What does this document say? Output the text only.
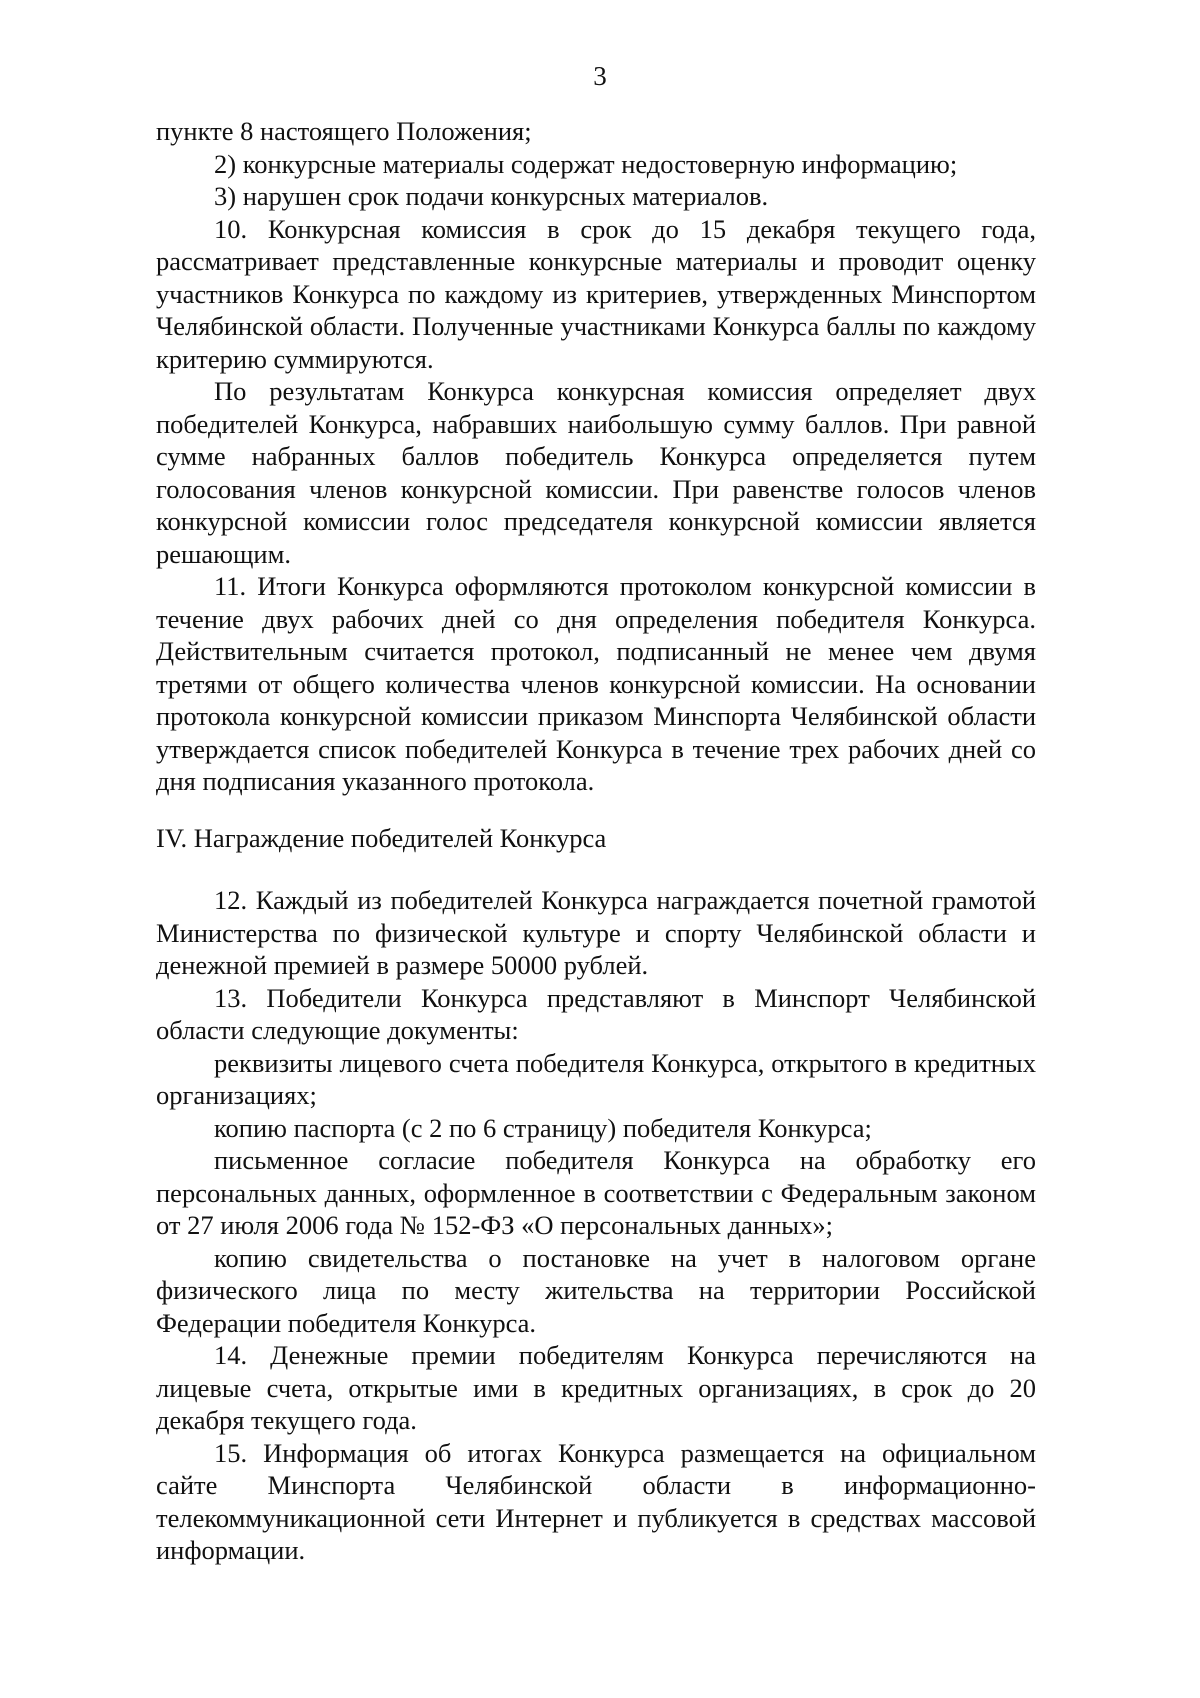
3

пункте 8 настоящего Положения;

2) конкурсные материалы содержат недостоверную информацию;

3) нарушен срок подачи конкурсных материалов.

10. Конкурсная комиссия в срок до 15 декабря текущего года, рассматривает представленные конкурсные материалы и проводит оценку участников Конкурса по каждому из критериев, утвержденных Минспортом Челябинской области. Полученные участниками Конкурса баллы по каждому критерию суммируются.

По результатам Конкурса конкурсная комиссия определяет двух победителей Конкурса, набравших наибольшую сумму баллов. При равной сумме набранных баллов победитель Конкурса определяется путем голосования членов конкурсной комиссии. При равенстве голосов членов конкурсной комиссии голос председателя конкурсной комиссии является решающим.

11. Итоги Конкурса оформляются протоколом конкурсной комиссии в течение двух рабочих дней со дня определения победителя Конкурса. Действительным считается протокол, подписанный не менее чем двумя третями от общего количества членов конкурсной комиссии. На основании протокола конкурсной комиссии приказом Минспорта Челябинской области утверждается список победителей Конкурса в течение трех рабочих дней со дня подписания указанного протокола.

IV. Награждение победителей Конкурса

12. Каждый из победителей Конкурса награждается почетной грамотой Министерства по физической культуре и спорту Челябинской области и денежной премией в размере 50000 рублей.

13. Победители Конкурса представляют в Минспорт Челябинской области следующие документы:

реквизиты лицевого счета победителя Конкурса, открытого в кредитных организациях;

копию паспорта (с 2 по 6 страницу) победителя Конкурса;

письменное согласие победителя Конкурса на обработку его персональных данных, оформленное в соответствии с Федеральным законом от 27 июля 2006 года № 152-ФЗ «О персональных данных»;

копию свидетельства о постановке на учет в налоговом органе физического лица по месту жительства на территории Российской Федерации победителя Конкурса.

14. Денежные премии победителям Конкурса перечисляются на лицевые счета, открытые ими в кредитных организациях, в срок до 20 декабря текущего года.

15. Информация об итогах Конкурса размещается на официальном сайте Минспорта Челябинской области в информационно-телекоммуникационной сети Интернет и публикуется в средствах массовой информации.
